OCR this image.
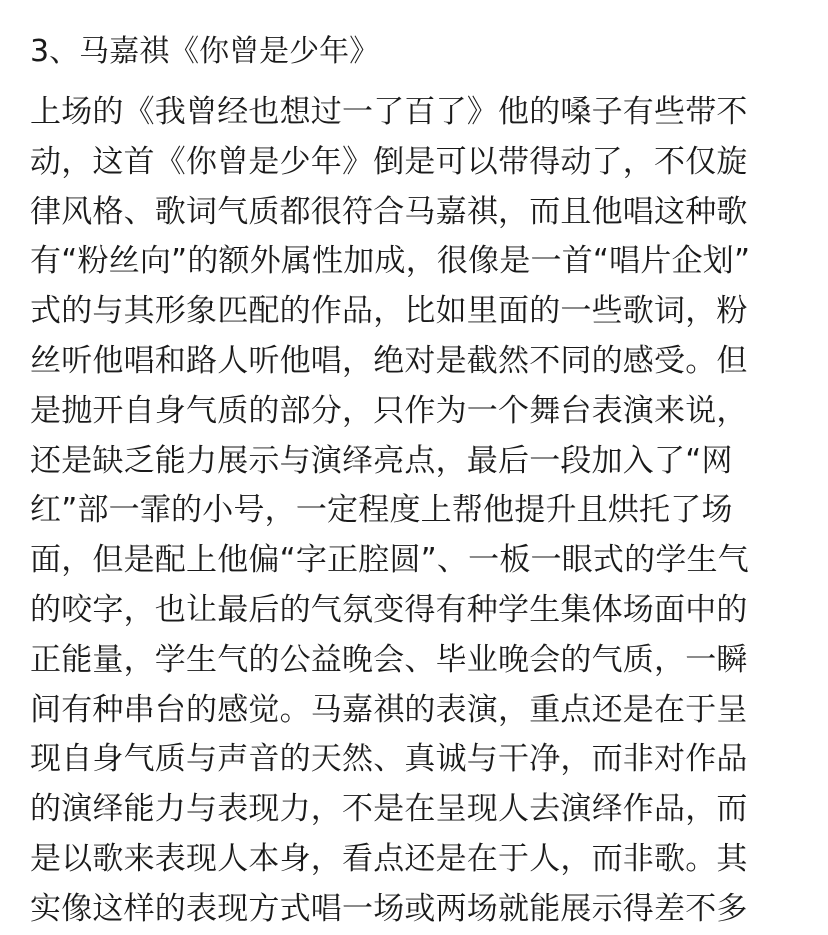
3、马嘉祺《你曾是少年》
上场的《我曾经也想过一了百了》他的嗓子有些带不
动，这首《你曾是少年》倒是可以带得动了，不仅旋
律风格、歌词气质都很符合马嘉祺，而且他唱这种歌
有“粉丝向”的额外属性加成，很像是一首“唱片企划”
式的与其形象匹配的作品，比如里面的一些歌词，粉
丝听他唱和路人听他唱，绝对是截然不同的感受。但
是抛开自身气质的部分，只作为一个舞台表演来说，
还是缺乏能力展示与演绎亮点，最后一段加入了“网
红”部一霏的小号，一定程度上帮他提升且烘托了场
面，但是配上他偏“字正腔圆”、一板一眼式的学生气
的咬字，也让最后的气氛变得有种学生集体场面中的
正能量，学生气的公益晚会、毕业晚会的气质，一瞬
间有种串台的感觉。马嘉祺的表演，重点还是在于呈
现自身气质与声音的天然、真诚与干净，而非对作品
的演绎能力与表现力，不是在呈现人去演绎作品，而
是以歌来表现人本身，看点还是在于人，而非歌。其
实像这样的表现方式唱一场或两场就能展示得差不多
